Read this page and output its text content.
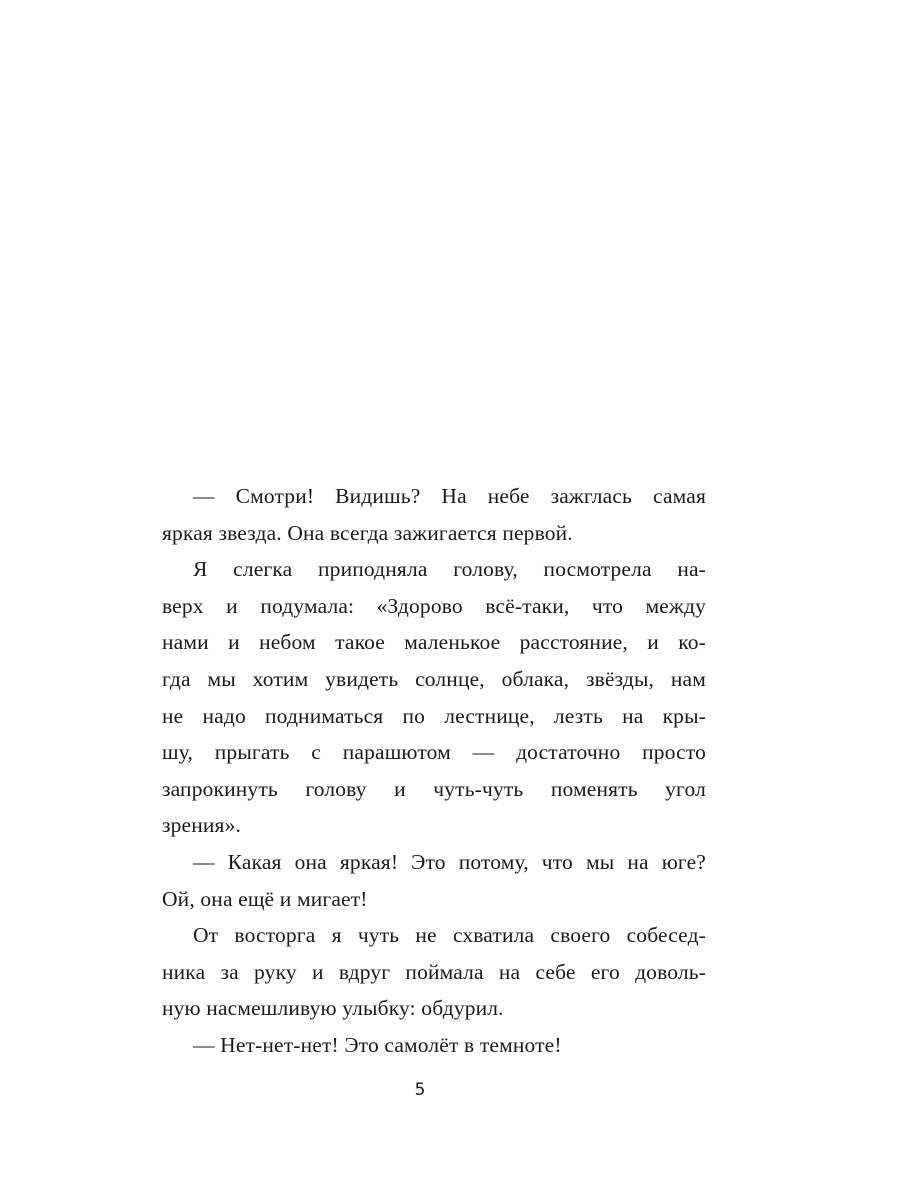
— Смотри! Видишь? На небе зажглась самая
яркая звезда. Она всегда зажигается первой.
Я слегка приподняла голову, посмотрела на-
верх и подумала: «Здорово всё-таки, что между
нами и небом такое маленькое расстояние, и ко-
гда мы хотим увидеть солнце, облака, звёзды, нам
не надо подниматься по лестнице, лезть на кры-
шу, прыгать с парашютом — достаточно просто
запрокинуть голову и чуть-чуть поменять угол
зрения».
— Какая она яркая! Это потому, что мы на юге?
Ой, она ещё и мигает!
От восторга я чуть не схватила своего собесед-
ника за руку и вдруг поймала на себе его доволь-
ную насмешливую улыбку: обдурил.
— Нет-нет-нет! Это самолёт в темноте!
5
